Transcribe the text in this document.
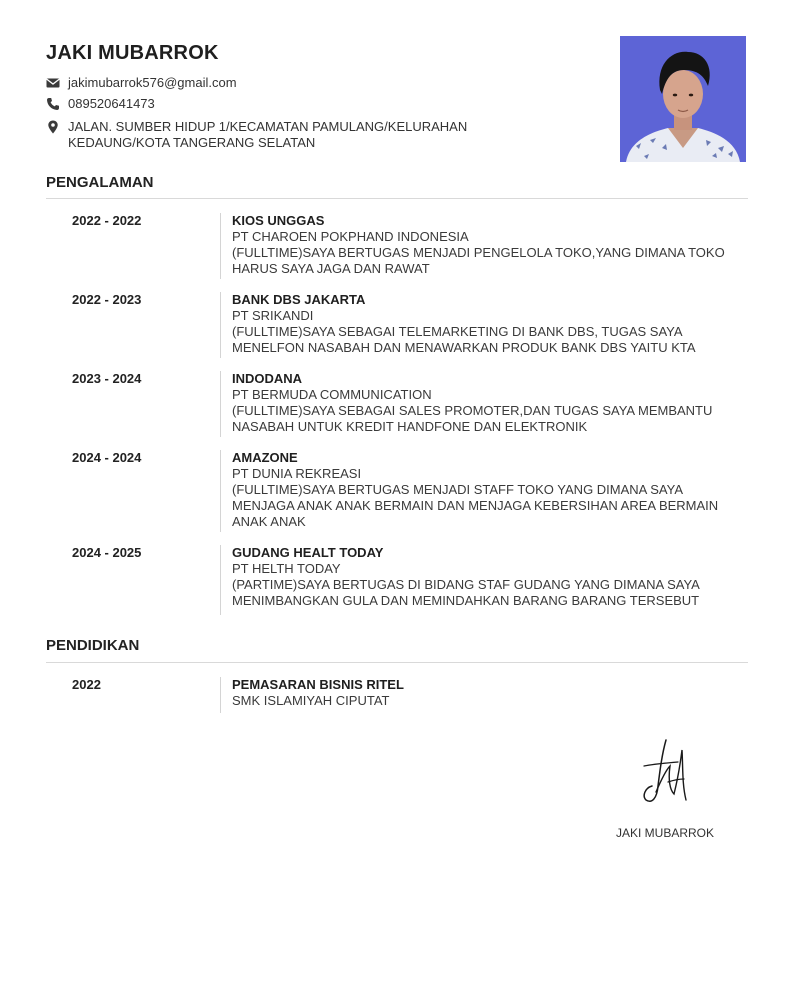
JAKI MUBARROK
jakimubarrok576@gmail.com
089520641473
JALAN. SUMBER HIDUP 1/KECAMATAN PAMULANG/KELURAHAN
KEDAUNG/KOTA TANGERANG SELATAN
PENGALAMAN
2022 - 2022	KIOS UNGGAS
PT CHAROEN POKPHAND INDONESIA
(FULLTIME)SAYA BERTUGAS MENJADI PENGELOLA TOKO,YANG DIMANA TOKO
HARUS SAYA JAGA DAN RAWAT
2022 - 2023	BANK DBS JAKARTA
PT SRIKANDI
(FULLTIME)SAYA SEBAGAI TELEMARKETING DI BANK DBS, TUGAS SAYA
MENELFON NASABAH DAN MENAWARKAN PRODUK BANK DBS YAITU KTA
2023 - 2024	INDODANA
PT BERMUDA COMMUNICATION
(FULLTIME)SAYA SEBAGAI SALES PROMOTER,DAN TUGAS SAYA MEMBANTU
NASABAH UNTUK KREDIT HANDFONE DAN ELEKTRONIK
2024 - 2024	AMAZONE
PT DUNIA REKREASI
(FULLTIME)SAYA BERTUGAS MENJADI STAFF TOKO YANG DIMANA SAYA
MENJAGA ANAK ANAK BERMAIN DAN MENJAGA KEBERSIHAN AREA BERMAIN
ANAK ANAK
2024 - 2025	GUDANG HEALT TODAY
PT HELTH TODAY
(PARTIME)SAYA BERTUGAS DI BIDANG STAF GUDANG YANG DIMANA SAYA
MENIMBANGKAN GULA DAN MEMINDAHKAN BARANG BARANG TERSEBUT
PENDIDIKAN
2022	PEMASARAN BISNIS RITEL
SMK ISLAMIYAH CIPUTAT
JAKI MUBARROK
